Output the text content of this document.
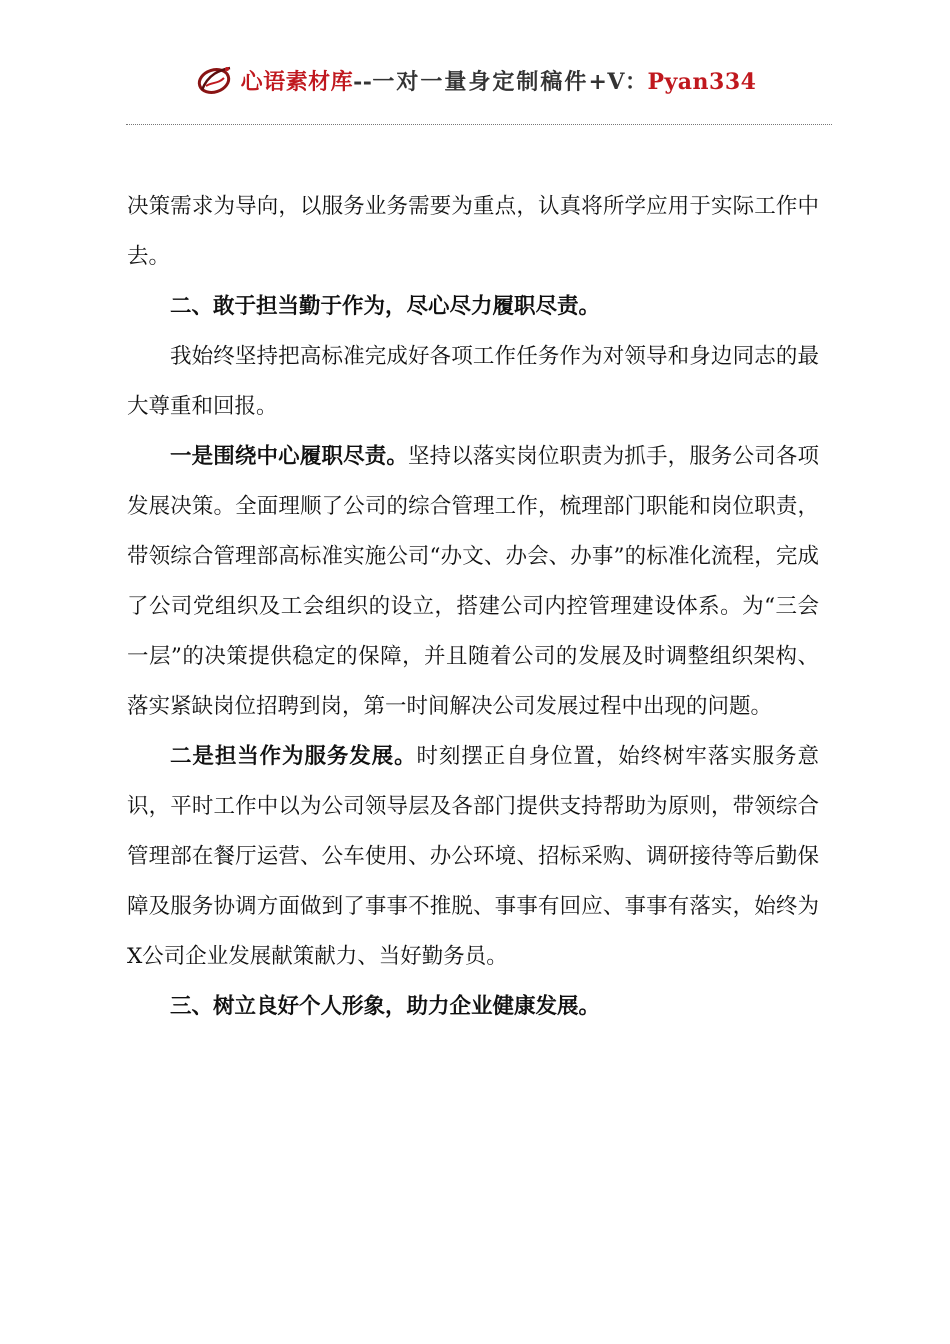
心语素材库--一对一量身定制稿件+V：Pyan334

决策需求为导向，以服务业务需要为重点，认真将所学应用于实际工作中去。

二、敢于担当勤于作为，尽心尽力履职尽责。

我始终坚持把高标准完成好各项工作任务作为对领导和身边同志的最大尊重和回报。

一是围绕中心履职尽责。坚持以落实岗位职责为抓手，服务公司各项发展决策。全面理顺了公司的综合管理工作，梳理部门职能和岗位职责，带领综合管理部高标准实施公司“办文、办会、办事”的标准化流程，完成了公司党组织及工会组织的设立，搭建公司内控管理建设体系。为“三会一层”的决策提供稳定的保障，并且随着公司的发展及时调整组织架构、落实紧缺岗位招聘到岗，第一时间解决公司发展过程中出现的问题。

二是担当作为服务发展。时刻摆正自身位置，始终树牢落实服务意识，平时工作中以为公司领导层及各部门提供支持帮助为原则，带领综合管理部在餐厅运营、公车使用、办公环境、招标采购、调研接待等后勤保障及服务协调方面做到了事事不推脱、事事有回应、事事有落实，始终为X公司企业发展献策献力、当好勤务员。

三、树立良好个人形象，助力企业健康发展。
